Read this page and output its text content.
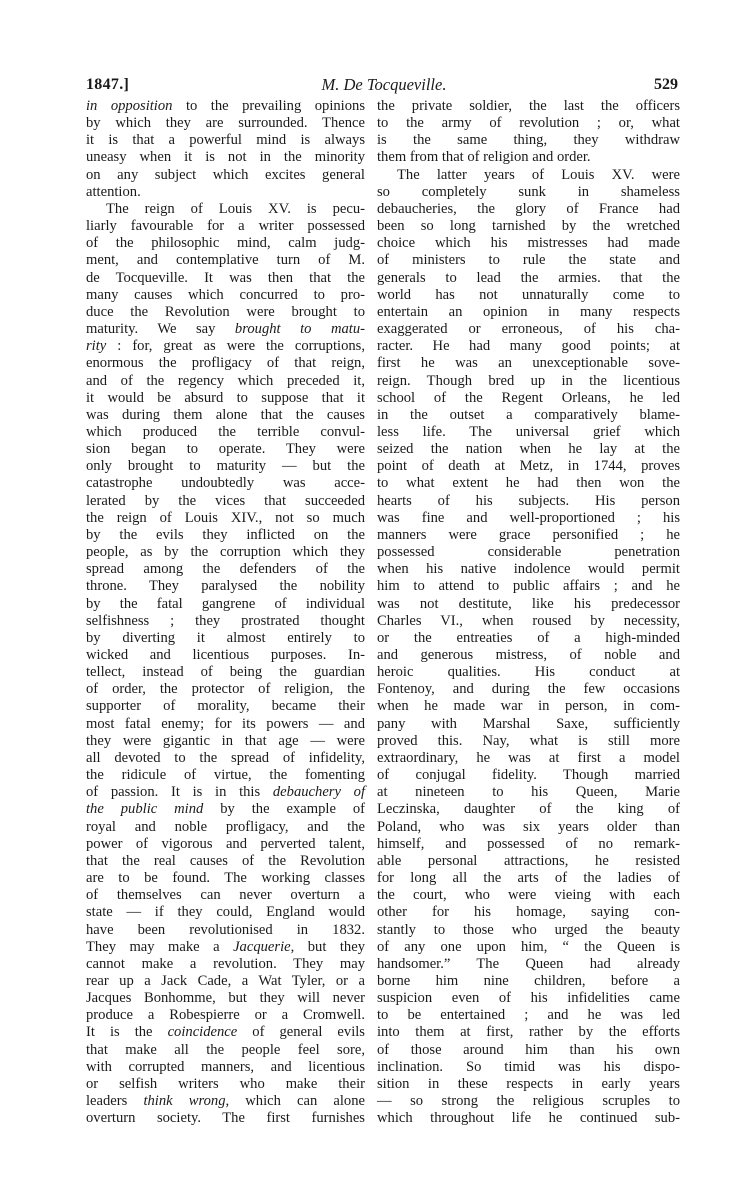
1847.]	M. De Tocqueville.	529
in opposition to the prevailing opinions
by which they are surrounded. Thence
it is that a powerful mind is always
uneasy when it is not in the minority
on any subject which excites general
attention.
The reign of Louis XV. is pecu-
liarly favourable for a writer possessed
of the philosophic mind, calm judg-
ment, and contemplative turn of M.
de Tocqueville. It was then that the
many causes which concurred to pro-
duce the Revolution were brought to
maturity. We say brought to matu-
rity : for, great as were the corruptions,
enormous the profligacy of that reign,
and of the regency which preceded it,
it would be absurd to suppose that it
was during them alone that the causes
which produced the terrible convul-
sion began to operate. They were
only brought to maturity — but the
catastrophe undoubtedly was acce-
lerated by the vices that succeeded
the reign of Louis XIV., not so much
by the evils they inflicted on the
people, as by the corruption which they
spread among the defenders of the
throne. They paralysed the nobility
by the fatal gangrene of individual
selfishness ; they prostrated thought
by diverting it almost entirely to
wicked and licentious purposes. In-
tellect, instead of being the guardian
of order, the protector of religion, the
supporter of morality, became their
most fatal enemy; for its powers — and
they were gigantic in that age — were
all devoted to the spread of infidelity,
the ridicule of virtue, the fomenting
of passion. It is in this debauchery of
the public mind by the example of
royal and noble profligacy, and the
power of vigorous and perverted talent,
that the real causes of the Revolution
are to be found. The working classes
of themselves can never overturn a
state — if they could, England would
have been revolutionised in 1832.
They may make a Jacquerie, but they
cannot make a revolution. They may
rear up a Jack Cade, a Wat Tyler, or a
Jacques Bonhomme, but they will never
produce a Robespierre or a Cromwell.
It is the coincidence of general evils
that make all the people feel sore,
with corrupted manners, and licentious
or selfish writers who make their
leaders think wrong, which can alone
overturn society. The first furnishes
the private soldier, the last the officers
to the army of revolution ; or, what
is the same thing, they withdraw
them from that of religion and order.
The latter years of Louis XV. were
so completely sunk in shameless
debaucheries, the glory of France had
been so long tarnished by the wretched
choice which his mistresses had made
of ministers to rule the state and
generals to lead the armies. that the
world has not unnaturally come to
entertain an opinion in many respects
exaggerated or erroneous, of his cha-
racter. He had many good points; at
first he was an unexceptionable sove-
reign. Though bred up in the licentious
school of the Regent Orleans, he led
in the outset a comparatively blame-
less life. The universal grief which
seized the nation when he lay at the
point of death at Metz, in 1744, proves
to what extent he had then won the
hearts of his subjects. His person
was fine and well-proportioned ; his
manners were grace personified ; he
possessed considerable penetration
when his native indolence would permit
him to attend to public affairs ; and he
was not destitute, like his predecessor
Charles VI., when roused by necessity,
or the entreaties of a high-minded
and generous mistress, of noble and
heroic qualities. His conduct at
Fontenoy, and during the few occasions
when he made war in person, in com-
pany with Marshal Saxe, sufficiently
proved this. Nay, what is still more
extraordinary, he was at first a model
of conjugal fidelity. Though married
at nineteen to his Queen, Marie
Leczinska, daughter of the king of
Poland, who was six years older than
himself, and possessed of no remark-
able personal attractions, he resisted
for long all the arts of the ladies of
the court, who were vieing with each
other for his homage, saying con-
stantly to those who urged the beauty
of any one upon him, “ the Queen is
handsomer.” The Queen had already
borne him nine children, before a
suspicion even of his infidelities came
to be entertained ; and he was led
into them at first, rather by the efforts
of those around him than his own
inclination. So timid was his dispo-
sition in these respects in early years
— so strong the religious scruples to
which throughout life he continued sub-
